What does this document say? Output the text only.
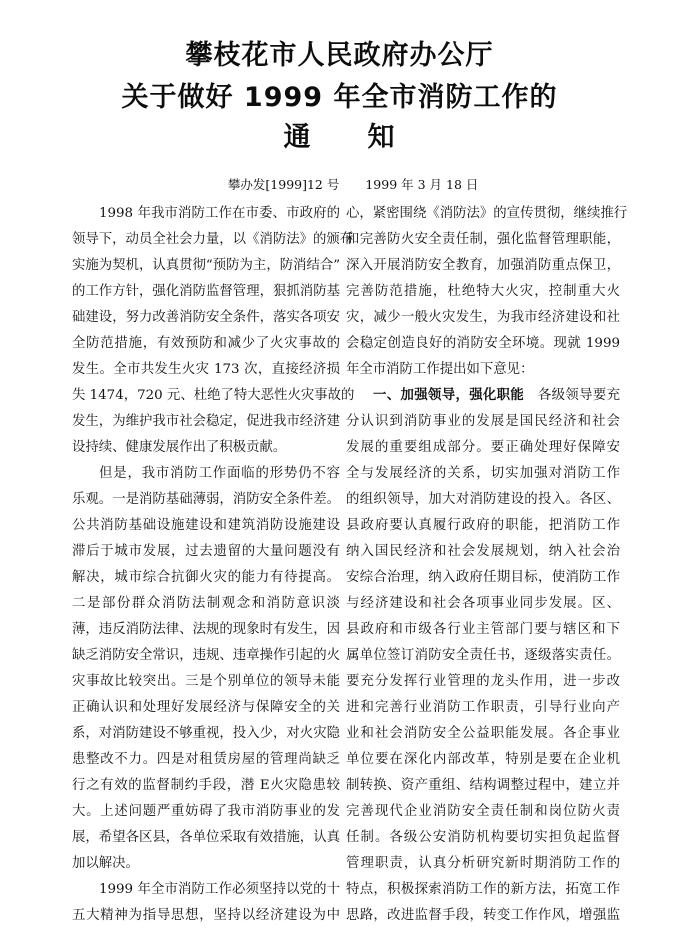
攀枝花市人民政府办公厅
关于做好 1999 年全市消防工作的
通 知

攀办发[1999]12 号 1999 年 3 月 18 日

1998 年我市消防工作在市委、市政府的
领导下，动员全社会力量，以《消防法》的颁布
实施为契机，认真贯彻“预防为主，防消结合”
的工作方针，强化消防监督管理，狠抓消防基
础建设，努力改善消防安全条件，落实各项安
全防范措施，有效预防和减少了火灾事故的
发生。全市共发生火灾 173 次，直接经济损
失 1474，720 元、杜绝了特大恶性火灾事故的
发生，为维护我市社会稳定，促进我市经济建
设持续、健康发展作出了积极贡献。
但是，我市消防工作面临的形势仍不容
乐观。一是消防基础薄弱，消防安全条件差。
公共消防基础设施建设和建筑消防设施建设
滞后于城市发展，过去遗留的大量问题没有
解决，城市综合抗御火灾的能力有待提高。
二是部份群众消防法制观念和消防意识淡
薄，违反消防法律、法规的现象时有发生，因
缺乏消防安全常识，违规、违章操作引起的火
灾事故比较突出。三是个别单位的领导未能
正确认识和处理好发展经济与保障安全的关
系，对消防建设不够重视，投入少，对火灾隐
患整改不力。四是对租赁房屋的管理尚缺乏
行之有效的监督制约手段，潜 E火灾隐患较
大。上述问题严重妨碍了我市消防事业的发
展，希望各区县，各单位采取有效措施，认真
加以解决。
1999 年全市消防工作必须坚持以党的十
五大精神为指导思想，坚持以经济建设为中
心，紧密围绕《消防法》的宣传贯彻，继续推行
和完善防火安全责任制，强化监督管理职能，
深入开展消防安全教育，加强消防重点保卫，
完善防范措施，杜绝特大火灾，控制重大火
灾，减少一般火灾发生，为我市经济建设和社
会稳定创造良好的消防安全环境。现就 1999
年全市消防工作提出如下意见：
一、加强领导，强化职能　各级领导要充
分认识到消防事业的发展是国民经济和社会
发展的重要组成部分。要正确处理好保障安
全与发展经济的关系，切实加强对消防工作
的组织领导，加大对消防建设的投入。各区、
县政府要认真履行政府的职能，把消防工作
纳入国民经济和社会发展规划，纳入社会治
安综合治理，纳入政府任期目标，使消防工作
与经济建设和社会各项事业同步发展。区、
县政府和市级各行业主管部门要与辖区和下
属单位签订消防安全责任书，逐级落实责任。
要充分发挥行业管理的龙头作用，进一步改
进和完善行业消防工作职责，引导行业向产
业和社会消防安全公益职能发展。各企事业
单位要在深化内部改革，特别是要在企业机
制转换、资产重组、结构调整过程中，建立并
完善现代企业消防安全责任制和岗位防火责
任制。各级公安消防机构要切实担负起监督
管理职责，认真分析研究新时期消防工作的
特点，积极探索消防工作的新方法，拓宽工作
思路，改进监督手段，转变工作作风，增强监
